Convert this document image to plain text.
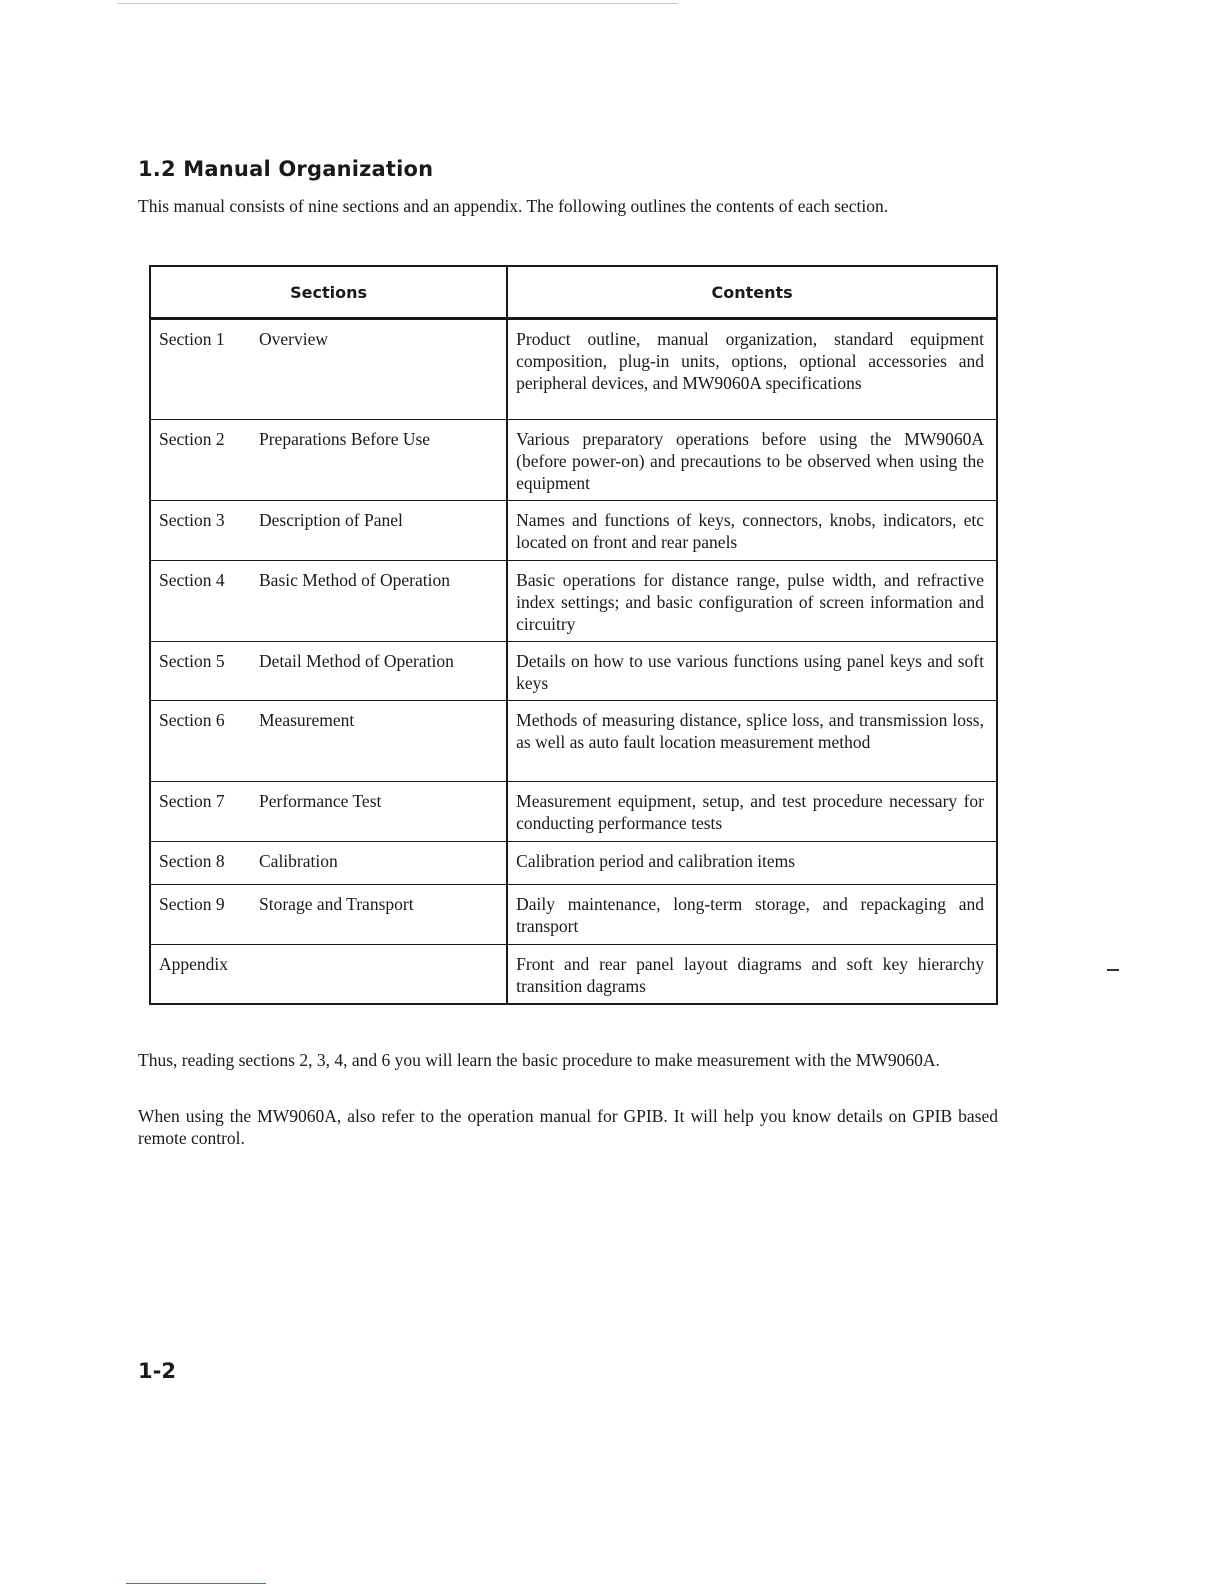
1.2 Manual Organization

This manual consists of nine sections and an appendix. The following outlines the contents of each section.

Sections	Contents
Section 1 Overview	Product outline, manual organization, standard equipment composition, plug-in units, options, optional accessories and peripheral devices, and MW9060A specifications
Section 2 Preparations Before Use	Various preparatory operations before using the MW9060A (before power-on) and precautions to be observed when using the equipment
Section 3 Description of Panel	Names and functions of keys, connectors, knobs, indicators, etc located on front and rear panels
Section 4 Basic Method of Operation	Basic operations for distance range, pulse width, and refractive index settings; and basic configuration of screen information and circuitry
Section 5 Detail Method of Operation	Details on how to use various functions using panel keys and soft keys
Section 6 Measurement	Methods of measuring distance, splice loss, and transmission loss, as well as auto fault location measurement method
Section 7 Performance Test	Measurement equipment, setup, and test procedure necessary for conducting performance tests
Section 8 Calibration	Calibration period and calibration items
Section 9 Storage and Transport	Daily maintenance, long-term storage, and repackaging and transport
Appendix	Front and rear panel layout diagrams and soft key hierarchy transition dagrams

Thus, reading sections 2, 3, 4, and 6 you will learn the basic procedure to make measurement with the MW9060A.

When using the MW9060A, also refer to the operation manual for GPIB. It will help you know details on GPIB based remote control.

1-2
